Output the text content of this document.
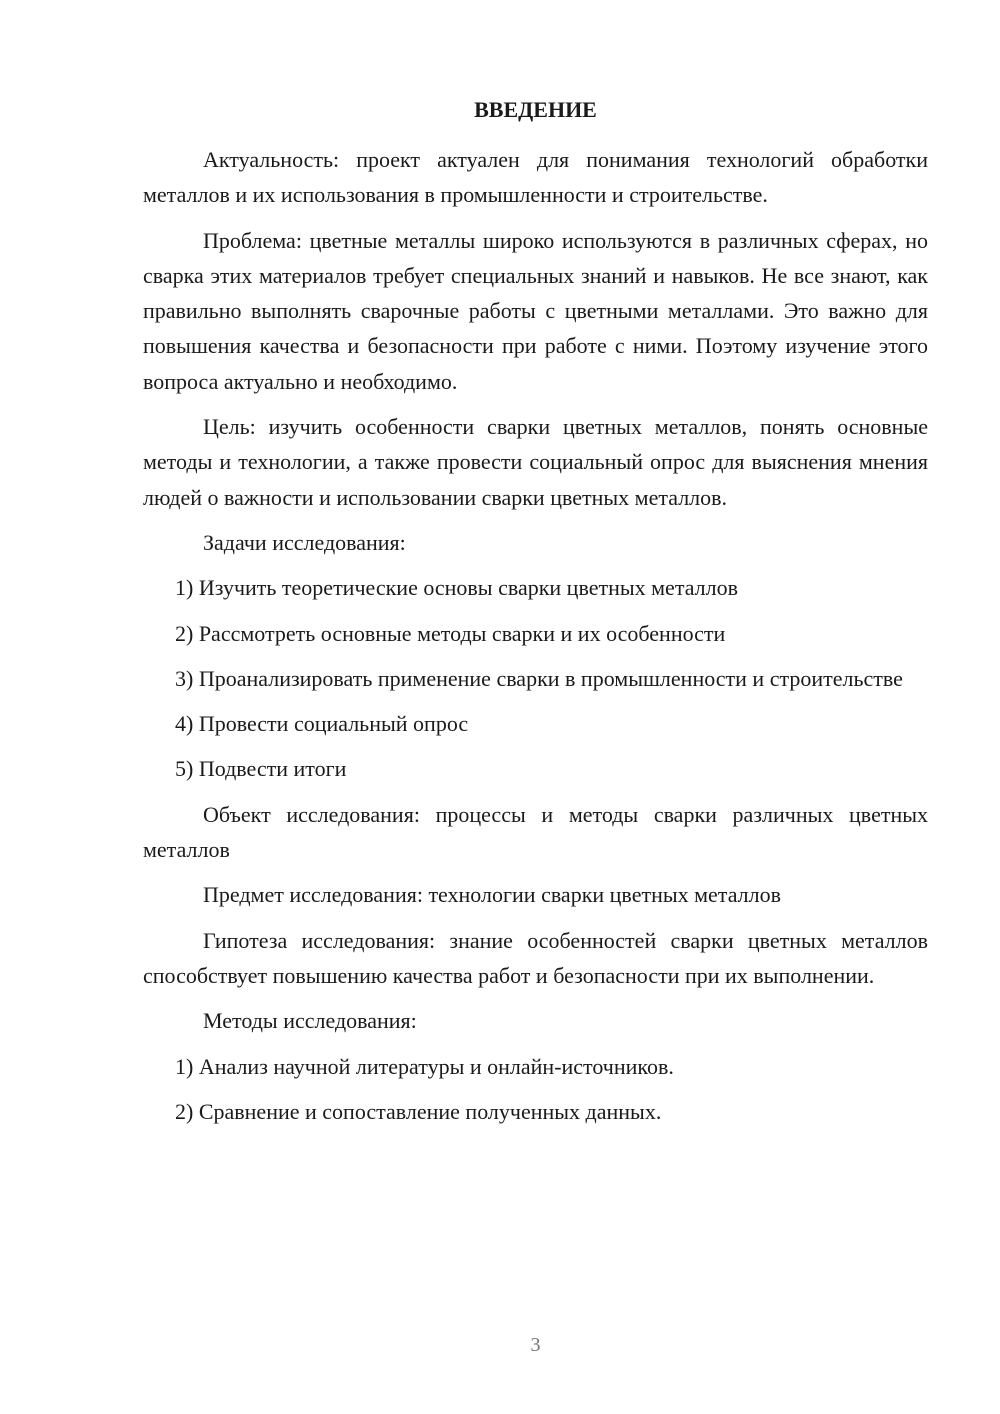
ВВЕДЕНИЕ

Актуальность: проект актуален для понимания технологий обработки металлов и их использования в промышленности и строительстве.

Проблема: цветные металлы широко используются в различных сферах, но сварка этих материалов требует специальных знаний и навыков. Не все знают, как правильно выполнять сварочные работы с цветными металлами. Это важно для повышения качества и безопасности при работе с ними. Поэтому изучение этого вопроса актуально и необходимо.

Цель: изучить особенности сварки цветных металлов, понять основные методы и технологии, а также провести социальный опрос для выяснения мнения людей о важности и использовании сварки цветных металлов.

Задачи исследования:

1) Изучить теоретические основы сварки цветных металлов

2) Рассмотреть основные методы сварки и их особенности

3) Проанализировать применение сварки в промышленности и строительстве

4) Провести социальный опрос

5) Подвести итоги

Объект исследования: процессы и методы сварки различных цветных металлов

Предмет исследования: технологии сварки цветных металлов

Гипотеза исследования: знание особенностей сварки цветных металлов способствует повышению качества работ и безопасности при их выполнении.

Методы исследования:

1) Анализ научной литературы и онлайн-источников.

2) Сравнение и сопоставление полученных данных.

3
